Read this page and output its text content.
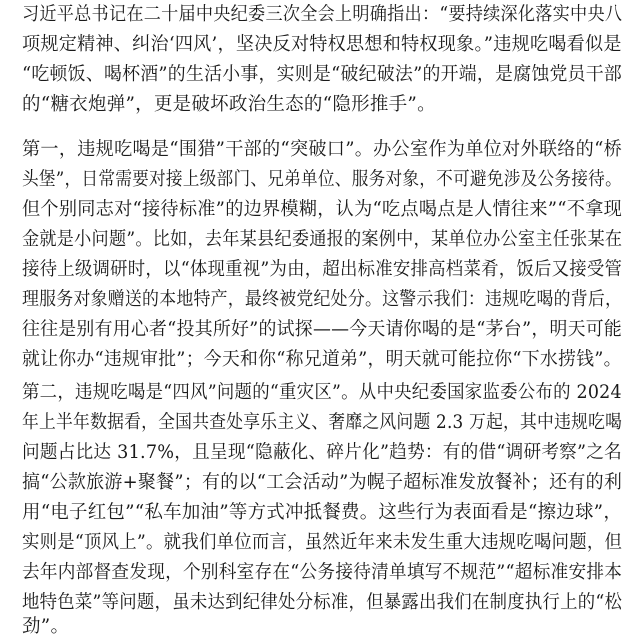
习近平总书记在二十届中央纪委三次全会上明确指出：“要持续深化落实中央八
项规定精神、纠治‘四风’，坚决反对特权思想和特权现象。”违规吃喝看似是
“吃顿饭、喝杯酒”的生活小事，实则是“破纪破法”的开端，是腐蚀党员干部
的“糖衣炮弹”，更是破坏政治生态的“隐形推手”。
第一，违规吃喝是“围猎”干部的“突破口”。办公室作为单位对外联络的“桥
头堡”，日常需要对接上级部门、兄弟单位、服务对象，不可避免涉及公务接待。
但个别同志对“接待标准”的边界模糊，认为“吃点喝点是人情往来”“不拿现
金就是小问题”。比如，去年某县纪委通报的案例中，某单位办公室主任张某在
接待上级调研时，以“体现重视”为由，超出标准安排高档菜肴，饭后又接受管
理服务对象赠送的本地特产，最终被党纪处分。这警示我们：违规吃喝的背后，
往往是别有用心者“投其所好”的试探——今天请你喝的是“茅台”，明天可能
就让你办“违规审批”；今天和你“称兄道弟”，明天就可能拉你“下水捞钱”。
第二，违规吃喝是“四风”问题的“重灾区”。从中央纪委国家监委公布的 2024
年上半年数据看，全国共查处享乐主义、奢靡之风问题 2.3 万起，其中违规吃喝
问题占比达 31.7%，且呈现“隐蔽化、碎片化”趋势：有的借“调研考察”之名
搞“公款旅游+聚餐”；有的以“工会活动”为幌子超标准发放餐补；还有的利
用“电子红包”“私车加油”等方式冲抵餐费。这些行为表面看是“擦边球”，
实则是“顶风上”。就我们单位而言，虽然近年来未发生重大违规吃喝问题，但
去年内部督查发现，个别科室存在“公务接待清单填写不规范”“超标准安排本
地特色菜”等问题，虽未达到纪律处分标准，但暴露出我们在制度执行上的“松
劲”。
